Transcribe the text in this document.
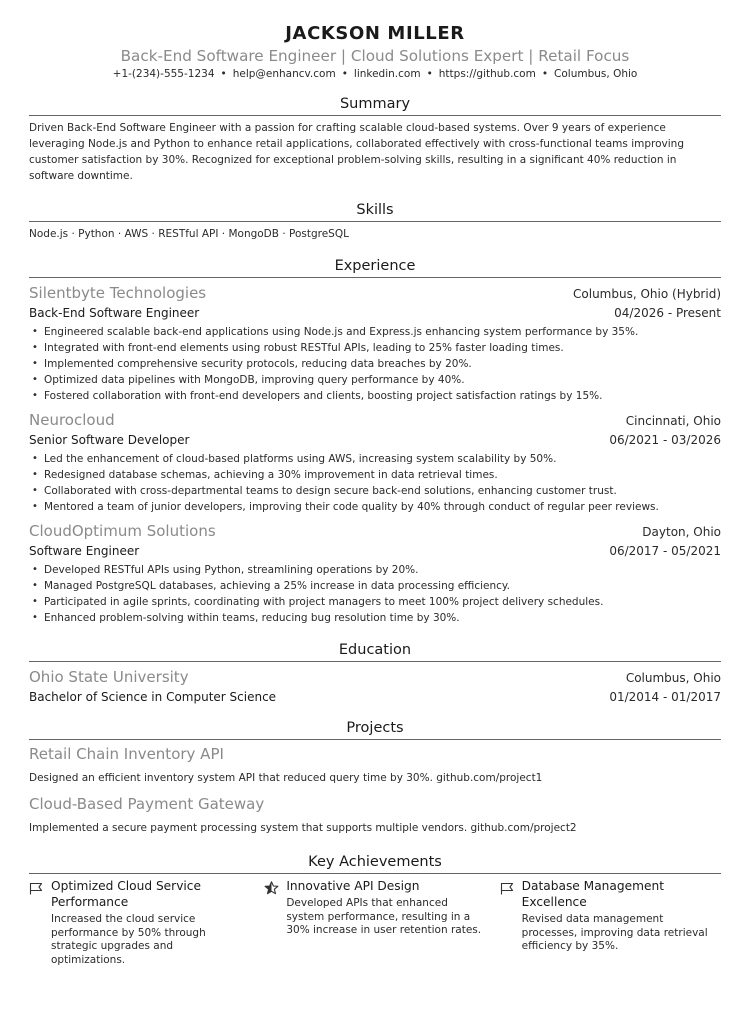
JACKSON MILLER
Back-End Software Engineer | Cloud Solutions Expert | Retail Focus
+1-(234)-555-1234 • help@enhancv.com • linkedin.com • https://github.com • Columbus, Ohio
Summary
Driven Back-End Software Engineer with a passion for crafting scalable cloud-based systems. Over 9 years of experience leveraging Node.js and Python to enhance retail applications, collaborated effectively with cross-functional teams improving customer satisfaction by 30%. Recognized for exceptional problem-solving skills, resulting in a significant 40% reduction in software downtime.
Skills
Node.js · Python · AWS · RESTful API · MongoDB · PostgreSQL
Experience
Silentbyte Technologies	Columbus, Ohio (Hybrid)
Back-End Software Engineer	04/2026 - Present
• Engineered scalable back-end applications using Node.js and Express.js enhancing system performance by 35%.
• Integrated with front-end elements using robust RESTful APIs, leading to 25% faster loading times.
• Implemented comprehensive security protocols, reducing data breaches by 20%.
• Optimized data pipelines with MongoDB, improving query performance by 40%.
• Fostered collaboration with front-end developers and clients, boosting project satisfaction ratings by 15%.
Neurocloud	Cincinnati, Ohio
Senior Software Developer	06/2021 - 03/2026
• Led the enhancement of cloud-based platforms using AWS, increasing system scalability by 50%.
• Redesigned database schemas, achieving a 30% improvement in data retrieval times.
• Collaborated with cross-departmental teams to design secure back-end solutions, enhancing customer trust.
• Mentored a team of junior developers, improving their code quality by 40% through conduct of regular peer reviews.
CloudOptimum Solutions	Dayton, Ohio
Software Engineer	06/2017 - 05/2021
• Developed RESTful APIs using Python, streamlining operations by 20%.
• Managed PostgreSQL databases, achieving a 25% increase in data processing efficiency.
• Participated in agile sprints, coordinating with project managers to meet 100% project delivery schedules.
• Enhanced problem-solving within teams, reducing bug resolution time by 30%.
Education
Ohio State University	Columbus, Ohio
Bachelor of Science in Computer Science	01/2014 - 01/2017
Projects
Retail Chain Inventory API
Designed an efficient inventory system API that reduced query time by 30%. github.com/project1
Cloud-Based Payment Gateway
Implemented a secure payment processing system that supports multiple vendors. github.com/project2
Key Achievements
Optimized Cloud Service Performance
Increased the cloud service performance by 50% through strategic upgrades and optimizations.
Innovative API Design
Developed APIs that enhanced system performance, resulting in a 30% increase in user retention rates.
Database Management Excellence
Revised data management processes, improving data retrieval efficiency by 35%.
